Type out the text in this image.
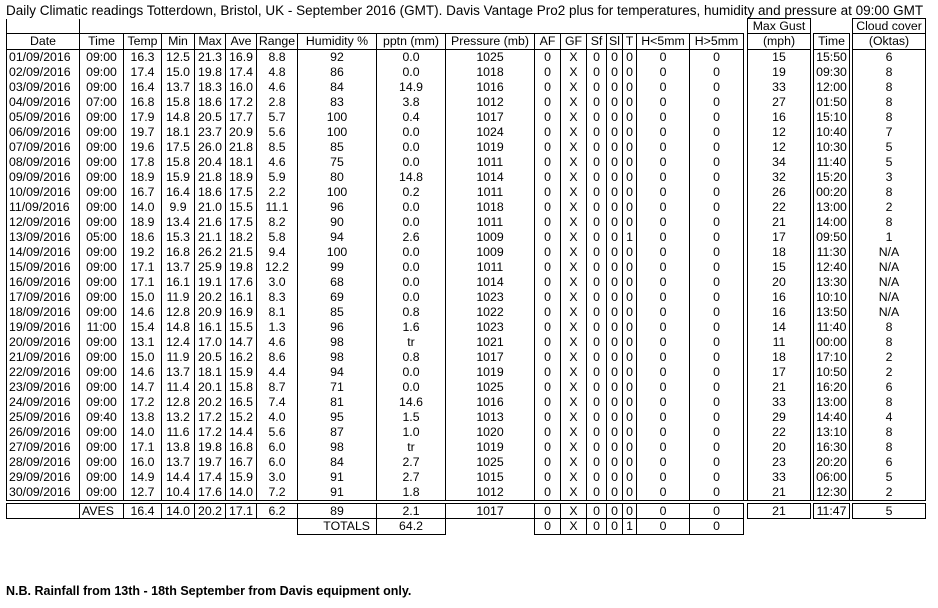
Daily Climatic readings Totterdown, Bristol, UK - September 2016 (GMT). Davis Vantage Pro2 plus for temperatures, humidity and pressure at 09:00 GMT
																		Max Gust				Cloud cover
Date	Time	Temp	Min	Max	Ave	Range	Humidity %	pptn (mm)	Pressure (mb)	AF	GF	Sf	Sl	T	H<5mm	H>5mm		(mph)		Time		(Oktas)
01/09/2016	09:00	16.3	12.5	21.3	16.9	8.8	92	0.0	1025	0	X	0	0	0	0	0		15		15:50		6
02/09/2016	09:00	17.4	15.0	19.8	17.4	4.8	86	0.0	1018	0	X	0	0	0	0	0		19		09:30		8
03/09/2016	09:00	16.4	13.7	18.3	16.0	4.6	84	14.9	1016	0	X	0	0	0	0	0		33		12:00		8
04/09/2016	07:00	16.8	15.8	18.6	17.2	2.8	83	3.8	1012	0	X	0	0	0	0	0		27		01:50		8
05/09/2016	09:00	17.9	14.8	20.5	17.7	5.7	100	0.4	1017	0	X	0	0	0	0	0		16		15:10		8
06/09/2016	09:00	19.7	18.1	23.7	20.9	5.6	100	0.0	1024	0	X	0	0	0	0	0		12		10:40		7
07/09/2016	09:00	19.6	17.5	26.0	21.8	8.5	85	0.0	1019	0	X	0	0	0	0	0		12		10:30		5
08/09/2016	09:00	17.8	15.8	20.4	18.1	4.6	75	0.0	1011	0	X	0	0	0	0	0		34		11:40		5
09/09/2016	09:00	18.9	15.9	21.8	18.9	5.9	80	14.8	1014	0	X	0	0	0	0	0		32		15:20		3
10/09/2016	09:00	16.7	16.4	18.6	17.5	2.2	100	0.2	1011	0	X	0	0	0	0	0		26		00:20		8
11/09/2016	09:00	14.0	9.9	21.0	15.5	11.1	96	0.0	1018	0	X	0	0	0	0	0		22		13:00		2
12/09/2016	09:00	18.9	13.4	21.6	17.5	8.2	90	0.0	1011	0	X	0	0	0	0	0		21		14:00		8
13/09/2016	05:00	18.6	15.3	21.1	18.2	5.8	94	2.6	1009	0	X	0	0	1	0	0		17		09:50		1
14/09/2016	09:00	19.2	16.8	26.2	21.5	9.4	100	0.0	1009	0	X	0	0	0	0	0		18		11:30		N/A
15/09/2016	09:00	17.1	13.7	25.9	19.8	12.2	99	0.0	1011	0	X	0	0	0	0	0		15		12:40		N/A
16/09/2016	09:00	17.1	16.1	19.1	17.6	3.0	68	0.0	1014	0	X	0	0	0	0	0		20		13:30		N/A
17/09/2016	09:00	15.0	11.9	20.2	16.1	8.3	69	0.0	1023	0	X	0	0	0	0	0		16		10:10		N/A
18/09/2016	09:00	14.6	12.8	20.9	16.9	8.1	85	0.8	1022	0	X	0	0	0	0	0		16		13:50		N/A
19/09/2016	11:00	15.4	14.8	16.1	15.5	1.3	96	1.6	1023	0	X	0	0	0	0	0		14		11:40		8
20/09/2016	09:00	13.1	12.4	17.0	14.7	4.6	98	tr	1021	0	X	0	0	0	0	0		11		00:00		8
21/09/2016	09:00	15.0	11.9	20.5	16.2	8.6	98	0.8	1017	0	X	0	0	0	0	0		18		17:10		2
22/09/2016	09:00	14.6	13.7	18.1	15.9	4.4	94	0.0	1019	0	X	0	0	0	0	0		17		10:50		2
23/09/2016	09:00	14.7	11.4	20.1	15.8	8.7	71	0.0	1025	0	X	0	0	0	0	0		21		16:20		6
24/09/2016	09:00	17.2	12.8	20.2	16.5	7.4	81	14.6	1016	0	X	0	0	0	0	0		33		13:00		8
25/09/2016	09:40	13.8	13.2	17.2	15.2	4.0	95	1.5	1013	0	X	0	0	0	0	0		29		14:40		4
26/09/2016	09:00	14.0	11.6	17.2	14.4	5.6	87	1.0	1020	0	X	0	0	0	0	0		22		13:10		8
27/09/2016	09:00	17.1	13.8	19.8	16.8	6.0	98	tr	1019	0	X	0	0	0	0	0		20		16:30		8
28/09/2016	09:00	16.0	13.7	19.7	16.7	6.0	84	2.7	1025	0	X	0	0	0	0	0		23		20:20		6
29/09/2016	09:00	14.9	14.4	17.4	15.9	3.0	91	2.7	1015	0	X	0	0	0	0	0		33		06:00		5
30/09/2016	09:00	12.7	10.4	17.6	14.0	7.2	91	1.8	1012	0	X	0	0	0	0	0		21		12:30		2

	AVES	16.4	14.0	20.2	17.1	6.2	89	2.1	1017	0	X	0	0	0	0	0		21		11:47		5
							TOTALS	64.2		0	X	0	0	1	0	0						
N.B. Rainfall from 13th - 18th September from Davis equipment only.
